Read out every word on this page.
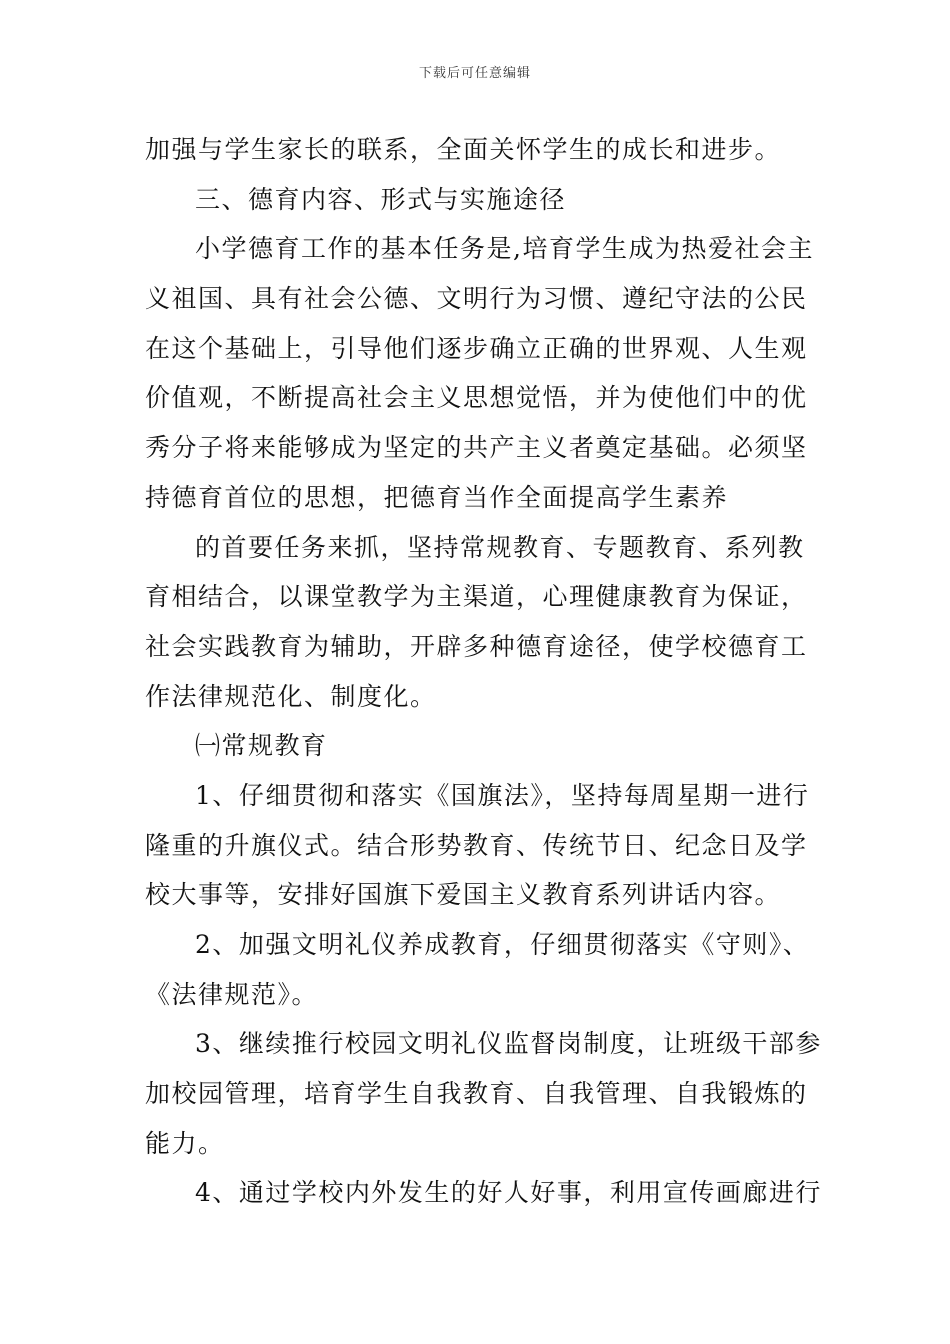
下载后可任意编辑
加强与学生家长的联系，全面关怀学生的成长和进步。
三、德育内容、形式与实施途径
小学德育工作的基本任务是,培育学生成为热爱社会主
义祖国、具有社会公德、文明行为习惯、遵纪守法的公民
在这个基础上，引导他们逐步确立正确的世界观、人生观
价值观，不断提高社会主义思想觉悟，并为使他们中的优
秀分子将来能够成为坚定的共产主义者奠定基础。必须坚
持德育首位的思想，把德育当作全面提高学生素养
的首要任务来抓，坚持常规教育、专题教育、系列教
育相结合，以课堂教学为主渠道，心理健康教育为保证，
社会实践教育为辅助，开辟多种德育途径，使学校德育工
作法律规范化、制度化。
㈠常规教育
1、仔细贯彻和落实《国旗法》，坚持每周星期一进行
隆重的升旗仪式。结合形势教育、传统节日、纪念日及学
校大事等，安排好国旗下爱国主义教育系列讲话内容。
2、加强文明礼仪养成教育，仔细贯彻落实《守则》、
《法律规范》。
3、继续推行校园文明礼仪监督岗制度，让班级干部参
加校园管理，培育学生自我教育、自我管理、自我锻炼的
能力。
4、通过学校内外发生的好人好事，利用宣传画廊进行
